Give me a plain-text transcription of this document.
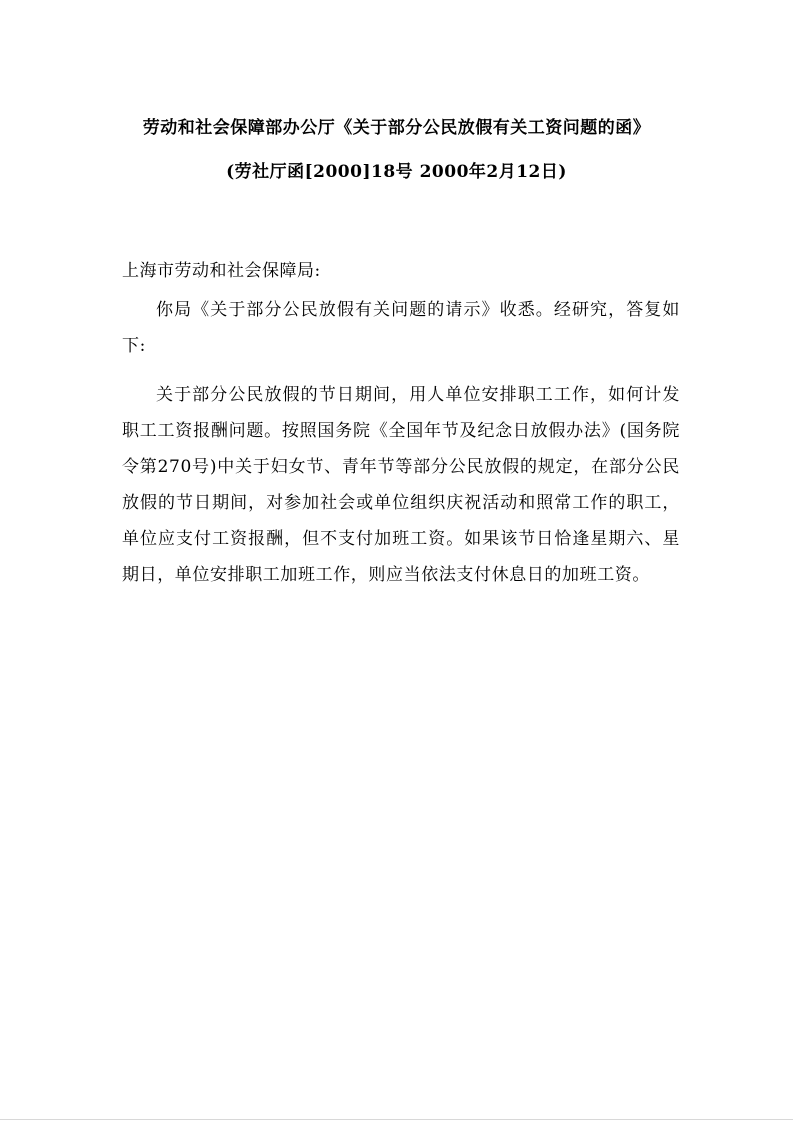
劳动和社会保障部办公厅《关于部分公民放假有关工资问题的函》
(劳社厅函[2000]18号 2000年2月12日)
上海市劳动和社会保障局:
你局《关于部分公民放假有关问题的请示》收悉。经研究，答复如下:
关于部分公民放假的节日期间，用人单位安排职工工作，如何计发职工工资报酬问题。按照国务院《全国年节及纪念日放假办法》(国务院令第270号)中关于妇女节、青年节等部分公民放假的规定，在部分公民放假的节日期间，对参加社会或单位组织庆祝活动和照常工作的职工，单位应支付工资报酬，但不支付加班工资。如果该节日恰逢星期六、星期日，单位安排职工加班工作，则应当依法支付休息日的加班工资。
